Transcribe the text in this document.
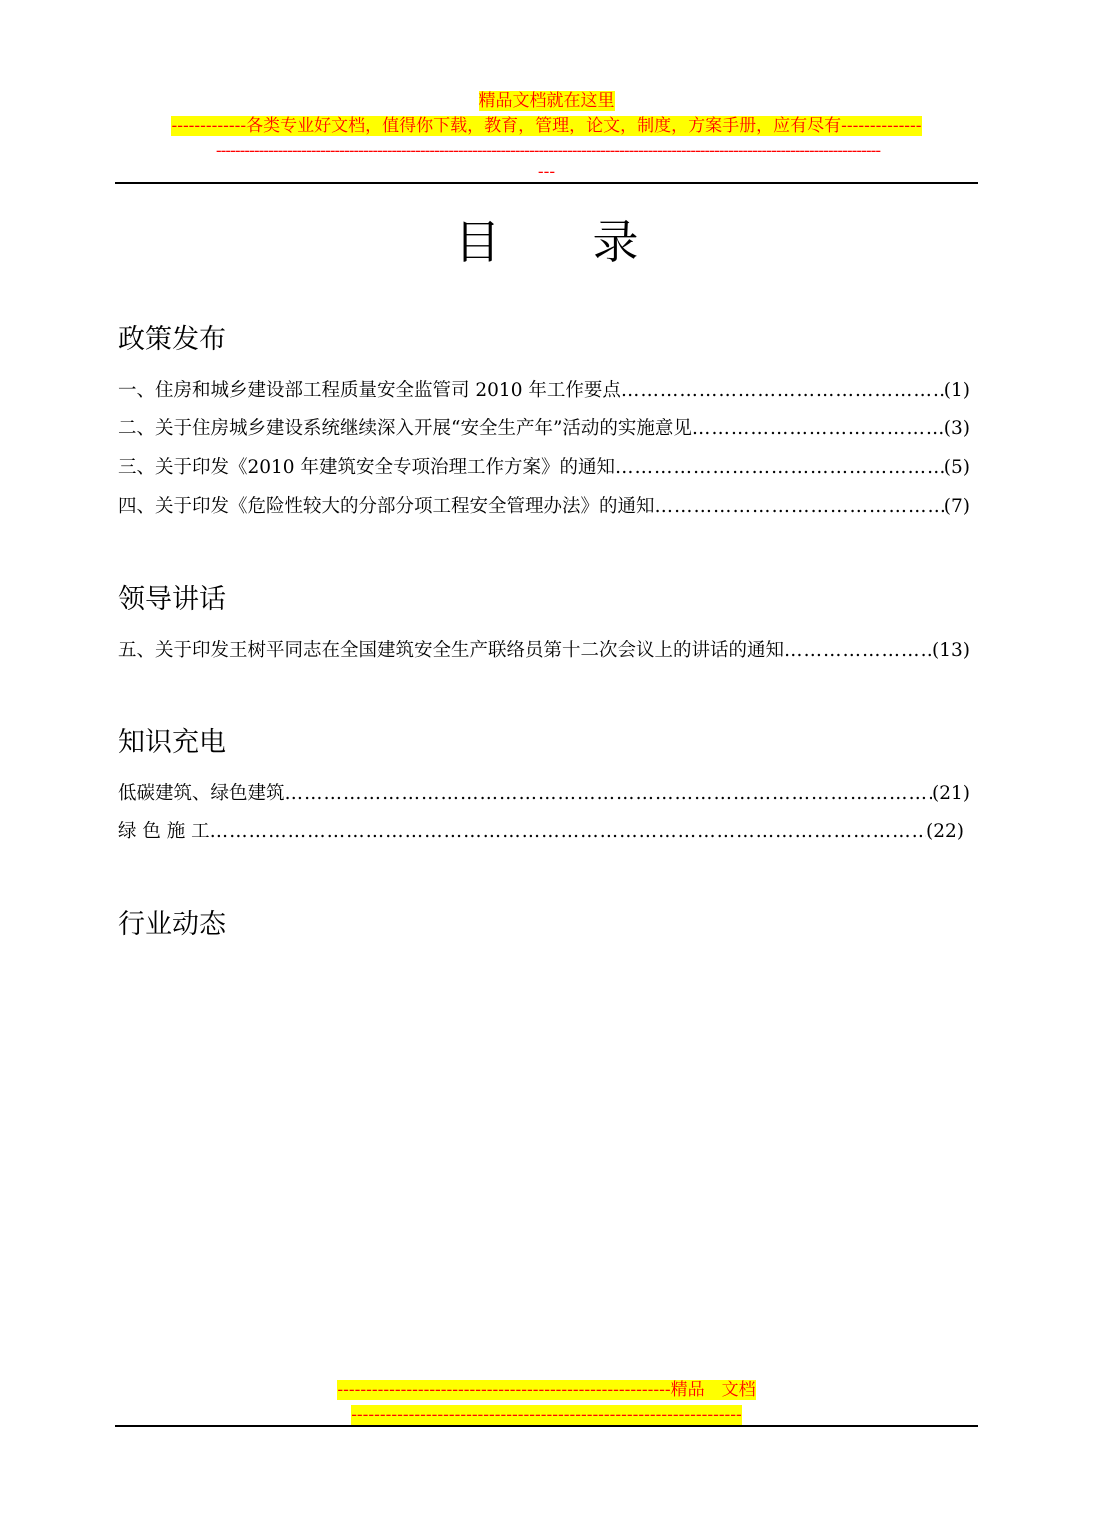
精品文档就在这里
-------------各类专业好文档，值得你下载，教育，管理，论文，制度，方案手册，应有尽有--------------
--------------------------------------------------------------------------------------------------------------------------------------------
---
目　　录
政策发布
一、住房和城乡建设部工程质量安全监管司 2010 年工作要点 ……………………………………………………………………………………………………………………………………………………………………………………………………………………	(1)
二、关于住房城乡建设系统继续深入开展“安全生产年”活动的实施意见 ……………………………………………………………………………………………………………………………………………………………………………………………………………………	(3)
三、关于印发《2010 年建筑安全专项治理工作方案》的通知 ……………………………………………………………………………………………………………………………………………………………………………………………………………………	(5)
四、关于印发《危险性较大的分部分项工程安全管理办法》的通知 ……………………………………………………………………………………………………………………………………………………………………………………………………………………	(7)
领导讲话
五、关于印发王树平同志在全国建筑安全生产联络员第十二次会议上的讲话的通知 ……………………………………………………………………………………………………………………………………………………………………………………………………………………	(13)
知识充电
低碳建筑、绿色建筑 ……………………………………………………………………………………………………………………………………………………………………………………………………………………	(21)
绿 色 施 工 ……………………………………………………………………………………………………………………………………………………………………………………………………………………	(22)
行业动态
----------------------------------------------------------精品　文档
--------------------------------------------------------------------
